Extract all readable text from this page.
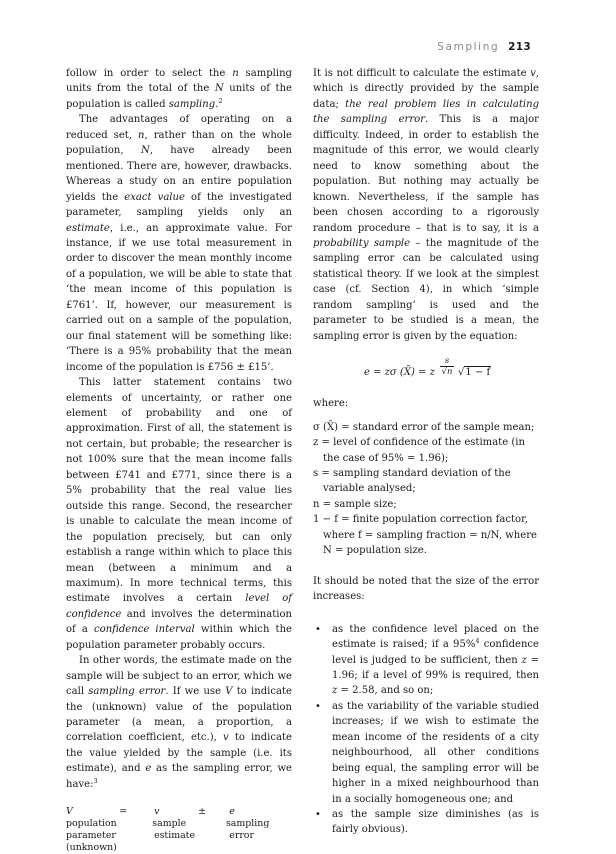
Sampling 213

follow in order to select the n sampling units from the total of the N units of the population is called sampling.$^2$

The advantages of operating on a reduced set, n, rather than on the whole population, N, have already been mentioned. There are, however, drawbacks. Whereas a study on an entire population yields the exact value of the investigated parameter, sampling yields only an estimate, i.e., an approximate value. For instance, if we use total measurement in order to discover the mean monthly income of a population, we will be able to state that ‘the mean income of this population is £761’. If, however, our measurement is carried out on a sample of the population, our final statement will be something like: ‘There is a 95% probability that the mean income of the population is £756 ± £15’.

This latter statement contains two elements of uncertainty, or rather one element of probability and one of approximation. First of all, the statement is not certain, but probable; the researcher is not 100% sure that the mean income falls between £741 and £771, since there is a 5% probability that the real value lies outside this range. Second, the researcher is unable to calculate the mean income of the population precisely, but can only establish a range within which to place this mean (between a minimum and a maximum). In more technical terms, this estimate involves a certain level of confidence and involves the determination of a confidence interval within which the population parameter probably occurs.

In other words, the estimate made on the sample will be subject to an error, which we call sampling error. If we use V to indicate the (unknown) value of the population parameter (a mean, a proportion, a correlation coefficient, etc.), v to indicate the value yielded by the sample (i.e. its estimate), and e as the sampling error, we have:$^3$

V	=	v	±	e
population	sample	sampling
parameter	estimate	error
(unknown)

It is not difficult to calculate the estimate v, which is directly provided by the sample data; the real problem lies in calculating the sampling error. This is a major difficulty. Indeed, in order to establish the magnitude of this error, we would clearly need to know something about the population. But nothing may actually be known. Nevertheless, if the sample has been chosen according to a rigorously random procedure – that is to say, it is a probability sample – the magnitude of the sampling error can be calculated using statistical theory. If we look at the simplest case (cf. Section 4), in which ‘simple random sampling’ is used and the parameter to be studied is a mean, the sampling error is given by the equation:

e = zσ (X̄) = z $\frac{s}{√n} √1 - f$

where:

σ (X̄) = standard error of the sample mean;

z = level of confidence of the estimate (in the case of 95% = 1.96);

s = sampling standard deviation of the variable analysed;

n = sample size;

1 − f = finite population correction factor, where f = sampling fraction = n/N, where N = population size.

It should be noted that the size of the error increases:

• as the confidence level placed on the estimate is raised; if a 95%$^4$ confidence level is judged to be sufficient, then z = 1.96; if a level of 99% is required, then z = 2.58, and so on;
• as the variability of the variable studied increases; if we wish to estimate the mean income of the residents of a city neighbourhood, all other conditions being equal, the sampling error will be higher in a mixed neighbourhood than in a socially homogeneous one; and
• as the sample size diminishes (as is fairly obvious).
